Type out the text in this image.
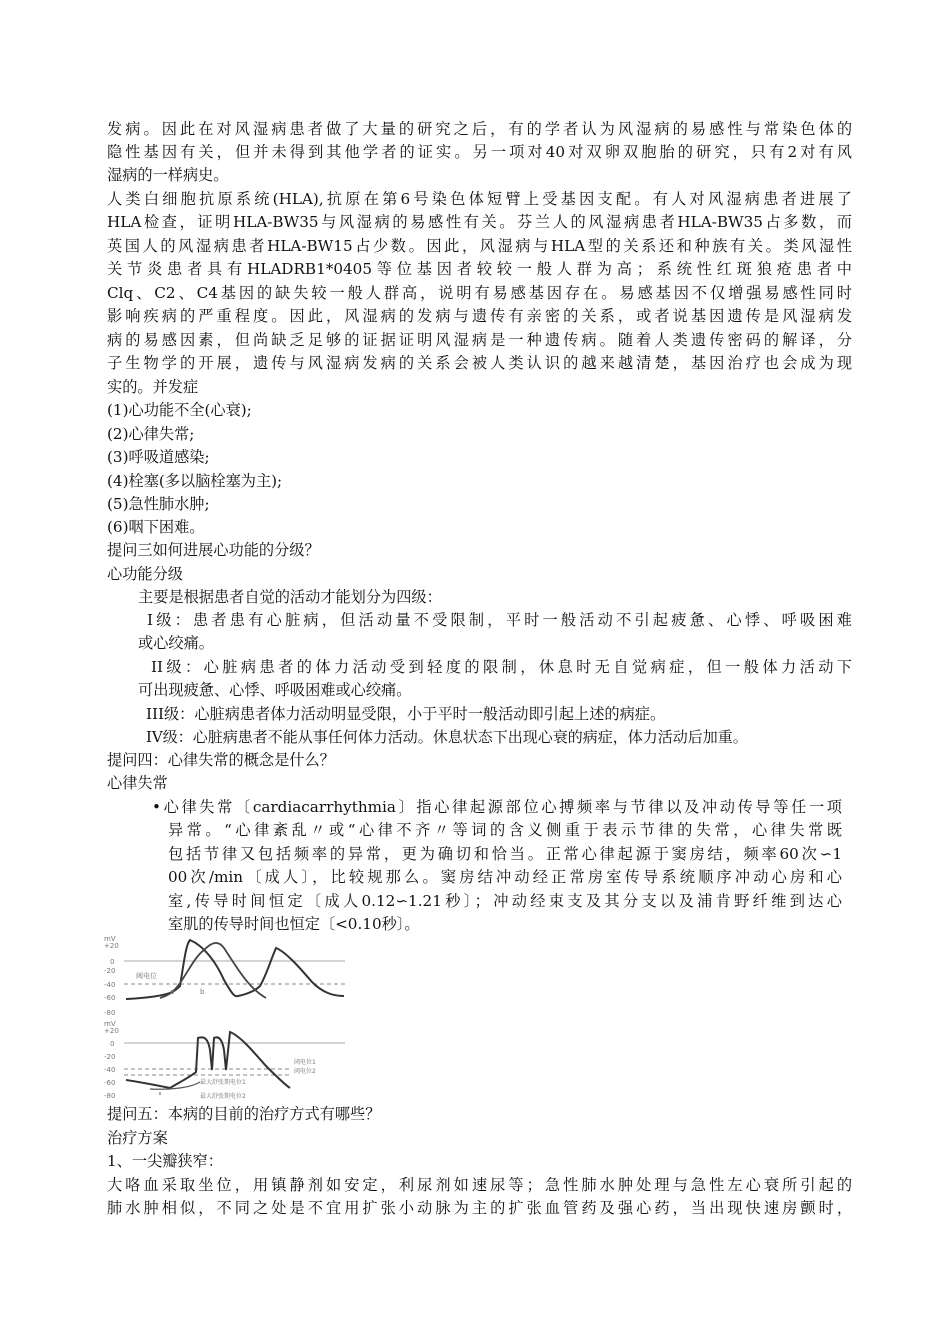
发病。因此在对风湿病患者做了大量的研究之后，有的学者认为风湿病的易感性与常染色体的
隐性基因有关，但并未得到其他学者的证实。另一项对40对双卵双胞胎的研究，只有2对有风
湿病的一样病史。
人类白细胞抗原系统(HLA),抗原在第6号染色体短臂上受基因支配。有人对风湿病患者进展了
HLA检查，证明HLA-BW35与风湿病的易感性有关。芬兰人的风湿病患者HLA-BW35占多数，而
英国人的风湿病患者HLA-BW15占少数。因此，风湿病与HLA型的关系还和种族有关。类风湿性
关节炎患者具有HLADRB1*0405等位基因者较较一般人群为高；系统性红斑狼疮患者中
Clq、C2、C4基因的缺失较一般人群高，说明有易感基因存在。易感基因不仅增强易感性同时
影响疾病的严重程度。因此，风湿病的发病与遗传有亲密的关系，或者说基因遗传是风湿病发
病的易感因素，但尚缺乏足够的证据证明风湿病是一种遗传病。随着人类遗传密码的解译，分
子生物学的开展，遗传与风湿病发病的关系会被人类认识的越来越清楚，基因治疗也会成为现
实的。并发症
(1)心功能不全(心衰);
(2)心律失常;
(3)呼吸道感染;
(4)栓塞(多以脑栓塞为主);
(5)急性肺水肿;
(6)咽下困难。
提问三如何进展心功能的分级？
心功能分级
主要是根据患者自觉的活动才能划分为四级：
I级：患者患有心脏病，但活动量不受限制，平时一般活动不引起疲惫、心悸、呼吸困难
或心绞痛。
II级：心脏病患者的体力活动受到轻度的限制，休息时无自觉病症，但一般体力活动下
可出现疲惫、心悸、呼吸困难或心绞痛。
III级：心脏病患者体力活动明显受限，小于平时一般活动即引起上述的病症。
IV级：心脏病患者不能从事任何体力活动。休息状态下出现心衰的病症，体力活动后加重。
提问四：心律失常的概念是什么？
心律失常
•心律失常〔cardiacarrhythmia〕指心律起源部位心搏频率与节律以及冲动传导等任一项
异常。“心律紊乱〃或“心律不齐〃等词的含义侧重于表示节律的失常，心律失常既
包括节律又包括频率的异常，更为确切和恰当。正常心律起源于窦房结，频率60次∽1
00次/min〔成人〕，比较规那么。窦房结冲动经正常房室传导系统顺序冲动心房和心
室,传导时间恒定〔成人0.12∽1.21秒〕；冲动经束支及其分支以及浦肯野纤维到达心
室肌的传导时间也恒定〔<0.10秒〕。
mV
+20
0
-20
-40
-60
-80
阈电位
a	b
mV
+20
0
-20
-40
-60
-80
阈电位1
阈电位2
最大舒张期电位1
最大舒张期电位2
提问五：本病的目前的治疗方式有哪些？
治疗方案
1、一尖瓣狭窄：
大咯血采取坐位，用镇静剂如安定，利尿剂如速尿等；急性肺水肿处理与急性左心衰所引起的
肺水肿相似，不同之处是不宜用扩张小动脉为主的扩张血管药及强心药，当出现快速房颤时，
